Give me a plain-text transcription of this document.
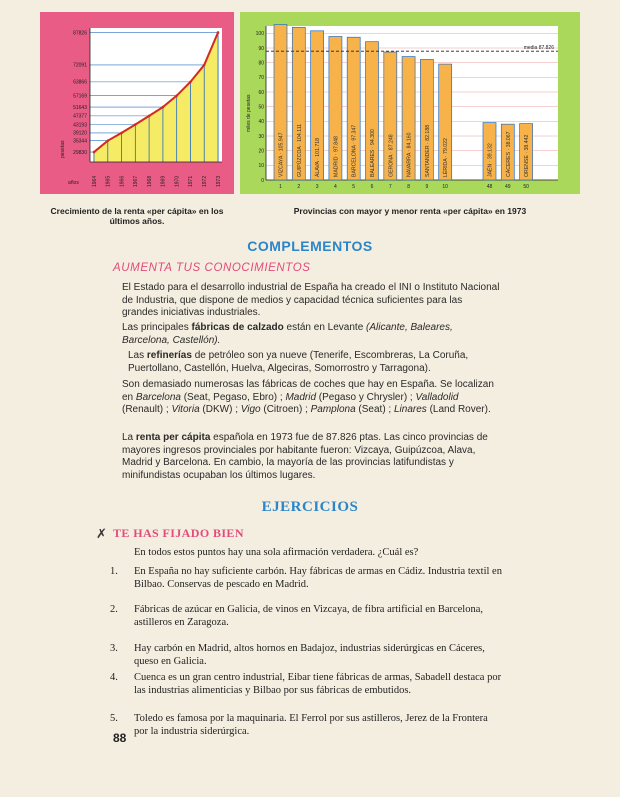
87826
72091
63866
57169
51643
47377
43193
39120
35344
29830
1964 1965 1966 1967 1968 1969 1970 1971 1972 1973
pesetas
años
Crecimiento de la renta «per cápita» en los últimos años.
100
90
80
70
60
50
40
30
20
10
0
miles de pesetas
VIZCAYA · 105.947
1
GUIPÚZCOA · 104.111
2
ÁLAVA · 101.718
3
MADRID · 97.848
4
BARCELONA · 97.347
5
BALEARES · 94.300
6
GERONA · 87.248
7
NAVARRA · 84.160
8
SANTANDER · 82.188
9
LÉRIDA · 79.022
10
JAÉN · 39.132
48
CÁCERES · 38.067
49
ORENSE · 38.442
50
media 87.826
Provincias con mayor y menor renta «per cápita» en 1973
COMPLEMENTOS
AUMENTA TUS CONOCIMIENTOS
El Estado para el desarrollo industrial de España ha creado el INI o Instituto Nacional de Industria, que dispone de medios y capacidad técnica suficientes para las grandes iniciativas industriales.
Las principales fábricas de calzado están en Levante (Alicante, Baleares, Barcelona, Castellón).
Las refinerías de petróleo son ya nueve (Tenerife, Escombreras, La Coruña, Puertollano, Castellón, Huelva, Algeciras, Somorrostro y Tarragona).
Son demasiado numerosas las fábricas de coches que hay en España. Se localizan en Barcelona (Seat, Pegaso, Ebro) ; Madrid (Pegaso y Chrysler) ; Valladolid (Renault) ; Vitoria (DKW) ; Vigo (Citroen) ; Pamplona (Seat) ; Linares (Land Rover).
La renta per cápita española en 1973 fue de 87.826 ptas. Las cinco provincias de mayores ingresos provinciales por habitante fueron: Vizcaya, Guipúzcoa, Alava, Madrid y Barcelona. En cambio, la mayoría de las provincias latifundistas y minifundistas ocupaban los últimos lugares.
EJERCICIOS
✗ TE HAS FIJADO BIEN
En todos estos puntos hay una sola afirmación verdadera. ¿Cuál es?
1. En España no hay suficiente carbón. Hay fábricas de armas en Cádiz. Industria textil en Bilbao. Conservas de pescado en Madrid.
2. Fábricas de azúcar en Galicia, de vinos en Vizcaya, de fibra artificial en Barcelona, astilleros en Zaragoza.
3. Hay carbón en Madrid, altos hornos en Badajoz, industrias siderúrgicas en Cáceres, queso en Galicia.
4. Cuenca es un gran centro industrial, Eibar tiene fábricas de armas, Sabadell destaca por las industrias alimenticias y Bilbao por sus fábricas de embutidos.
5. Toledo es famosa por la maquinaria. El Ferrol por sus astilleros, Jerez de la Frontera por la industria siderúrgica.
88
